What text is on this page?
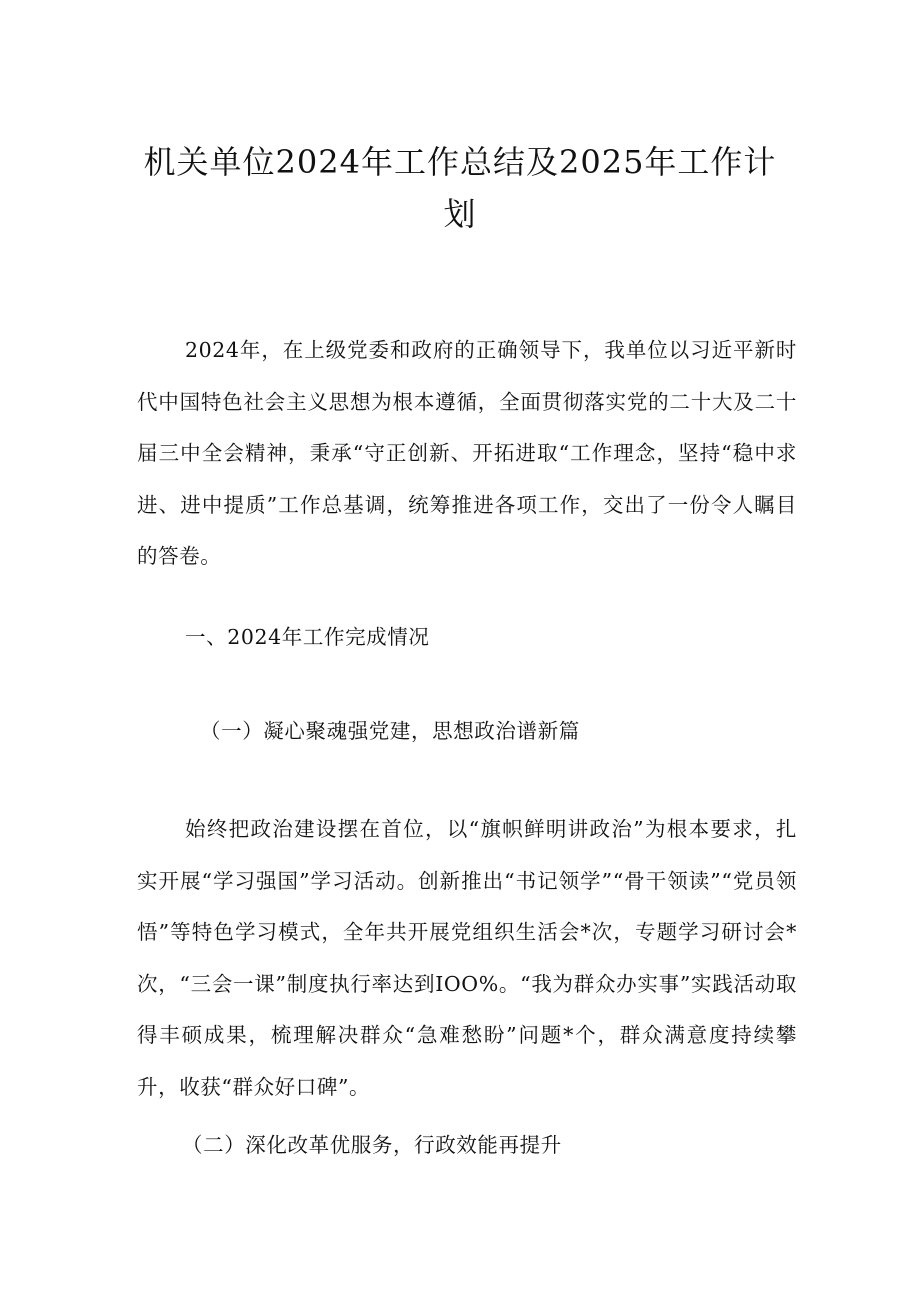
机关单位2024年工作总结及2025年工作计
划

2024年，在上级党委和政府的正确领导下，我单位以习近平新时代中国特色社会主义思想为根本遵循，全面贯彻落实党的二十大及二十届三中全会精神，秉承“守正创新、开拓进取“工作理念，坚持“稳中求进、进中提质”工作总基调，统筹推进各项工作，交出了一份令人瞩目的答卷。

一、2024年工作完成情况

（一）凝心聚魂强党建，思想政治谱新篇

始终把政治建设摆在首位，以“旗帜鲜明讲政治”为根本要求，扎实开展“学习强国”学习活动。创新推出“书记领学”“骨干领读”“党员领悟”等特色学习模式，全年共开展党组织生活会*次，专题学习研讨会*次，“三会一课”制度执行率达到IOO%。“我为群众办实事”实践活动取得丰硕成果，梳理解决群众“急难愁盼”问题*个，群众满意度持续攀升，收获“群众好口碑”。

（二）深化改革优服务，行政效能再提升
